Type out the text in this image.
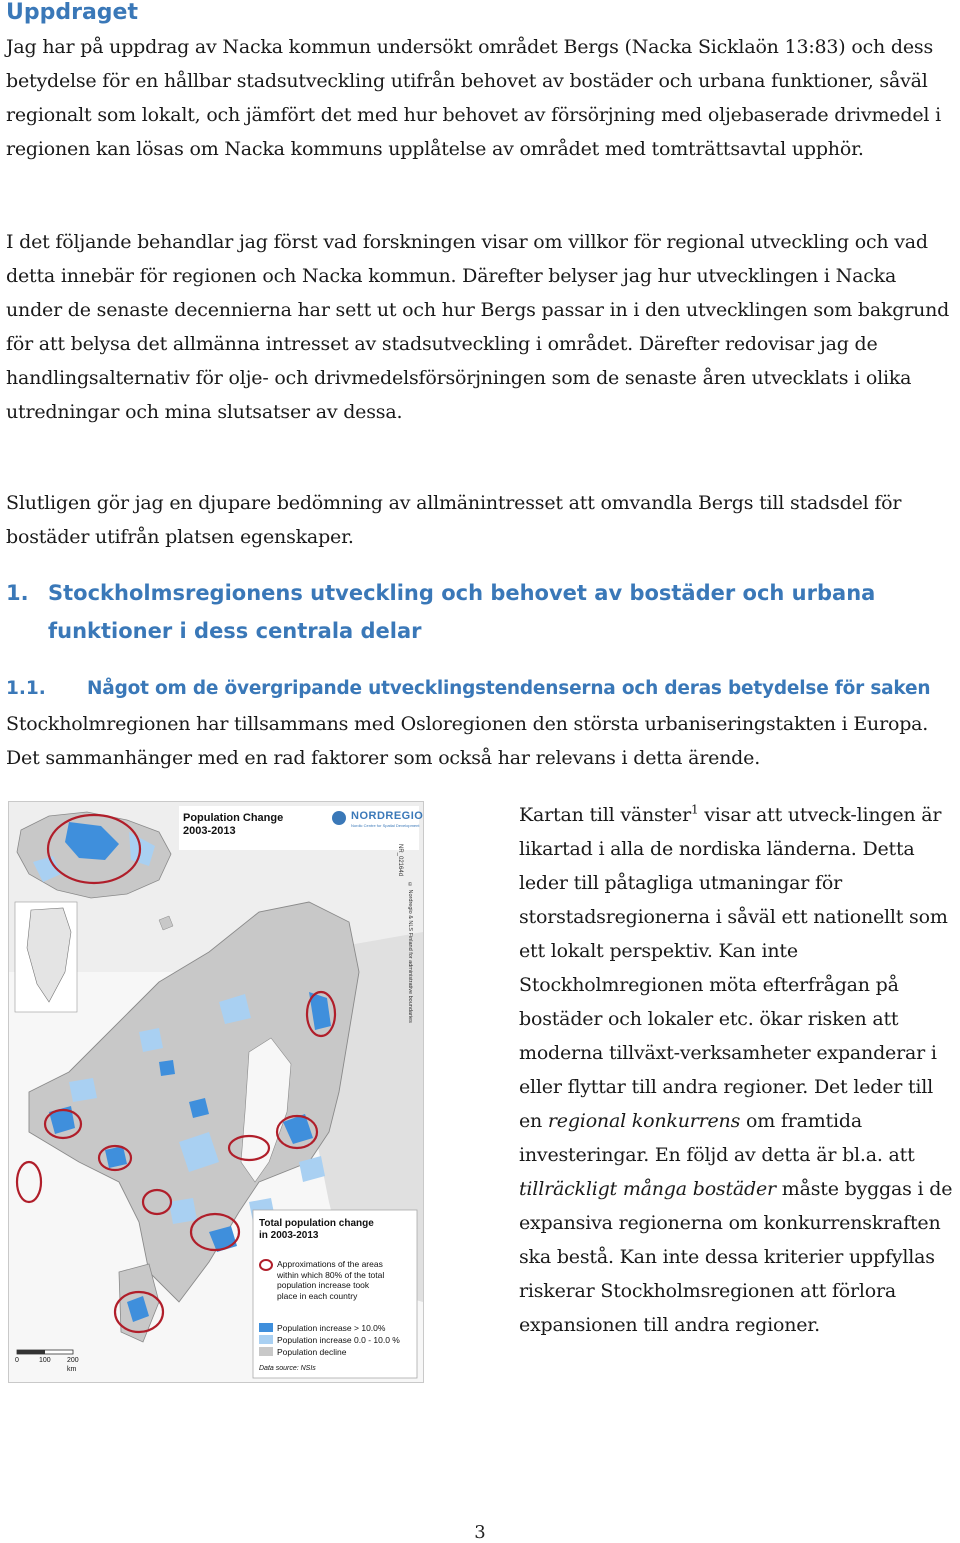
Uppdraget

Jag har på uppdrag av Nacka kommun undersökt området Bergs (Nacka Sicklaön 13:83) och dess betydelse för en hållbar stadsutveckling utifrån behovet av bostäder och urbana funktioner, såväl regionalt som lokalt, och jämfört det med hur behovet av försörjning med oljebaserade drivmedel i regionen kan lösas om Nacka kommuns upplåtelse av området med tomträttsavtal upphör.

I det följande behandlar jag först vad forskningen visar om villkor för regional utveckling och vad detta innebär för regionen och Nacka kommun. Därefter belyser jag hur utvecklingen i Nacka under de senaste decennierna har sett ut och hur Bergs passar in i den utvecklingen som bakgrund för att belysa det allmänna intresset av stadsutveckling i området. Därefter redovisar jag de handlingsalternativ för olje- och drivmedelsförsörjningen som de senaste åren utvecklats i olika utredningar och mina slutsatser av dessa.

Slutligen gör jag en djupare bedömning av allmänintresset att omvandla Bergs till stadsdel för bostäder utifrån platsen egenskaper.

1. Stockholmsregionens utveckling och behovet av bostäder och urbana
funktioner i dess centrala delar
1.1. Något om de övergripande utvecklingstendenserna och deras betydelse för saken

Stockholmregionen har tillsammans med Osloregionen den största urbaniseringstakten i Europa. Det sammanhänger med en rad faktorer som också har relevans i detta ärende.

Population Change
2003-2013
NORDREGIO
Nordic Centre for Spatial Development
NR_02164d
© Nordregio & NLS Finland for administrative boundaries
Total population change
in 2003-2013
Approximations of the areas
within which 80% of the total
population increase took
place in each country
Population increase > 10.0%
Population increase 0.0 - 10.0 %
Population decline
Data source: NSIs
0	100 200
km

Kartan till vänster$^1$ visar att utveck-lingen är likartad i alla de nordiska länderna. Detta leder till påtagliga utmaningar för storstadsregionerna i såväl ett nationellt som ett lokalt perspektiv. Kan inte Stockholmregionen möta efterfrågan på bostäder och lokaler etc. ökar risken att moderna tillväxt-verksamheter expanderar i eller flyttar till andra regioner. Det leder till en regional konkurrens om framtida investeringar. En följd av detta är bl.a. att tillräckligt många bostäder måste byggas i de expansiva regionerna om konkurrenskraften ska bestå. Kan inte dessa kriterier uppfyllas riskerar Stockholmsregionen att förlora expansionen till andra regioner.

3
